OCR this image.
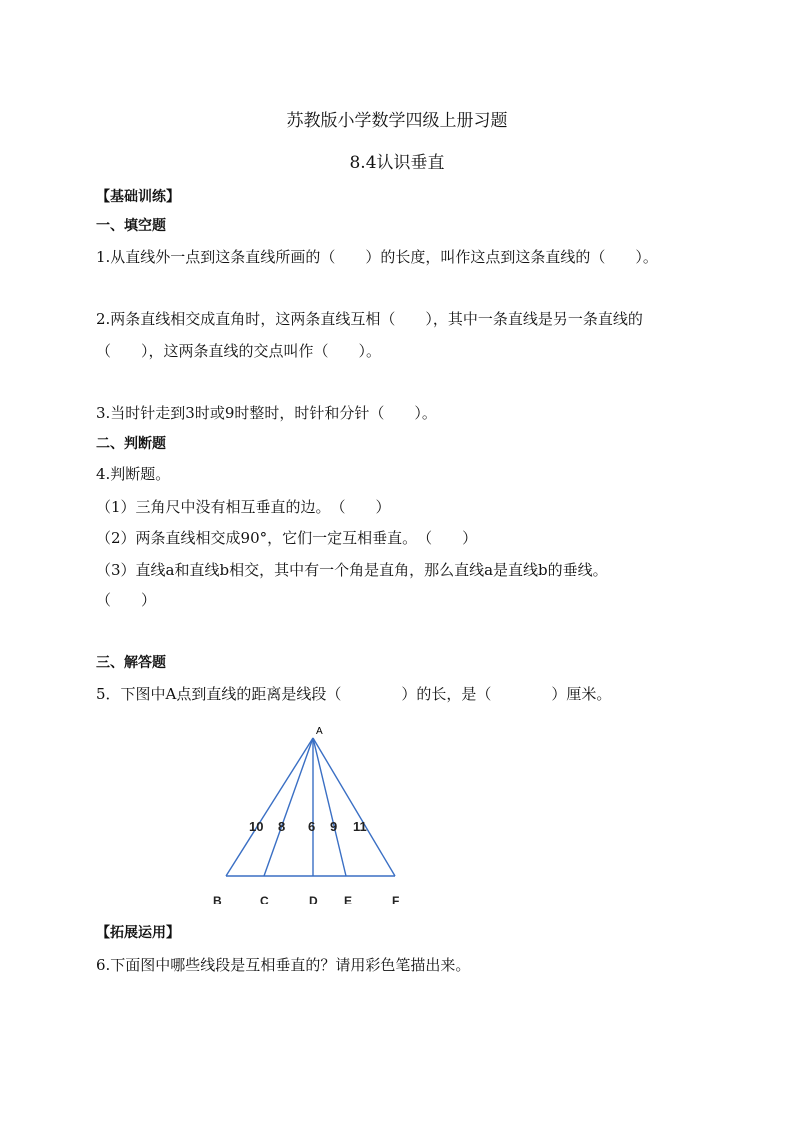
苏教版小学数学四级上册习题
8.4认识垂直
【基础训练】
一、填空题
1.从直线外一点到这条直线所画的（　　）的长度，叫作这点到这条直线的（　　）。
2.两条直线相交成直角时，这两条直线互相（　　），其中一条直线是另一条直线的
（　　），这两条直线的交点叫作（　　）。
3.当时针走到3时或9时整时，时针和分针（　　）。
二、判断题
4.判断题。
（1）三角尺中没有相互垂直的边。　（　　）
（2）两条直线相交成90°，它们一定互相垂直。　（　　）
（3）直线a和直线b相交，其中有一个角是直角，那么直线a是直线b的垂线。
（　　）
三、解答题
5．下图中A点到直线的距离是线段（　　　　）的长，是（　　　　）厘米。
A
10 8 6 9 11
B	C	D E	F
【拓展运用】
6.下面图中哪些线段是互相垂直的？请用彩色笔描出来。
